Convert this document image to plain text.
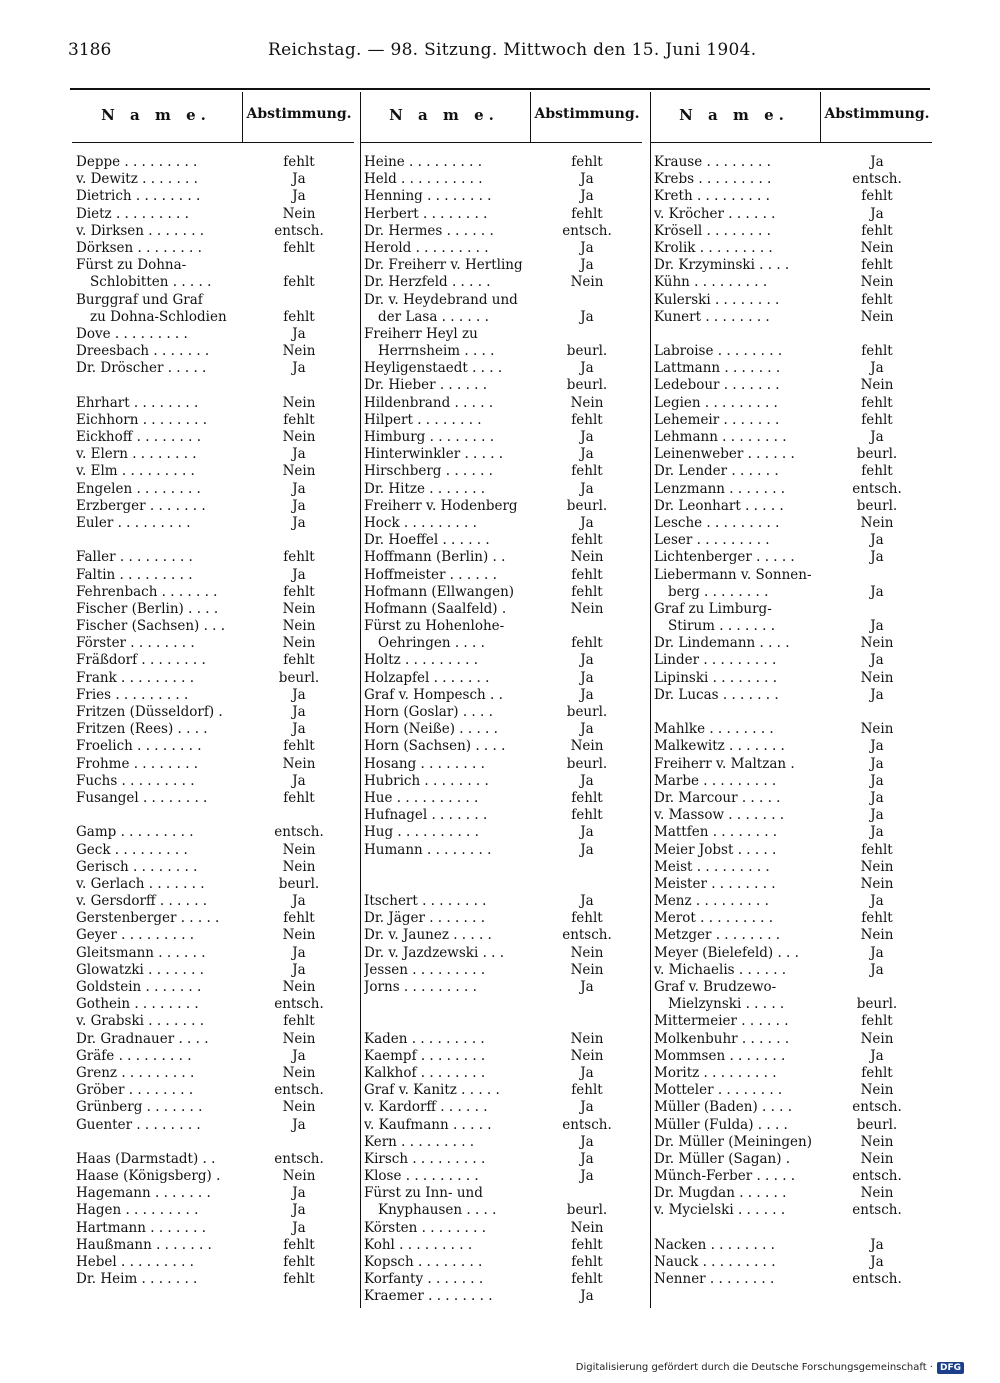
3186	Reichstag. — 98. Sitzung. Mittwoch den 15. Juni 1904.
N a m e.	Abstimmung.
Deppe . . . . . . . . .	fehlt
v. Dewitz . . . . . . .	Ja
Dietrich . . . . . . . .	Ja
Dietz . . . . . . . . .	Nein
v. Dirksen . . . . . . .	entsch.
Dörksen . . . . . . . .	fehlt
Fürst zu Dohna-
Schlobitten . . . . .	fehlt
Burggraf und Graf
zu Dohna-Schlodien	fehlt
Dove . . . . . . . . .	Ja
Dreesbach . . . . . . .	Nein
Dr. Dröscher . . . . .	Ja
Ehrhart . . . . . . . .	Nein
Eichhorn . . . . . . . .	fehlt
Eickhoff . . . . . . . .	Nein
v. Elern . . . . . . . .	Ja
v. Elm . . . . . . . . .	Nein
Engelen . . . . . . . .	Ja
Erzberger . . . . . . .	Ja
Euler . . . . . . . . .	Ja
Faller . . . . . . . . .	fehlt
Faltin . . . . . . . . .	Ja
Fehrenbach . . . . . . .	fehlt
Fischer (Berlin) . . . .	Nein
Fischer (Sachsen) . . .	Nein
Förster . . . . . . . .	Nein
Fräßdorf . . . . . . . .	fehlt
Frank . . . . . . . . .	beurl.
Fries . . . . . . . . .	Ja
Fritzen (Düsseldorf) .	Ja
Fritzen (Rees) . . . .	Ja
Froelich . . . . . . . .	fehlt
Frohme . . . . . . . .	Nein
Fuchs . . . . . . . . .	Ja
Fusangel . . . . . . . .	fehlt
Gamp . . . . . . . . .	entsch.
Geck . . . . . . . . .	Nein
Gerisch . . . . . . . .	Nein
v. Gerlach . . . . . . .	beurl.
v. Gersdorff . . . . . .	Ja
Gerstenberger . . . . .	fehlt
Geyer . . . . . . . . .	Nein
Gleitsmann . . . . . .	Ja
Glowatzki . . . . . . .	Ja
Goldstein . . . . . . .	Nein
Gothein . . . . . . . .	entsch.
v. Grabski . . . . . . .	fehlt
Dr. Gradnauer . . . .	Nein
Gräfe . . . . . . . . .	Ja
Grenz . . . . . . . . .	Nein
Gröber . . . . . . . .	entsch.
Grünberg . . . . . . .	Nein
Guenter . . . . . . . .	Ja
Haas (Darmstadt) . .	entsch.
Haase (Königsberg) .	Nein
Hagemann . . . . . . .	Ja
Hagen . . . . . . . . .	Ja
Hartmann . . . . . . .	Ja
Haußmann . . . . . . .	fehlt
Hebel . . . . . . . . .	fehlt
Dr. Heim . . . . . . .	fehlt
N a m e.	Abstimmung.
Heine . . . . . . . . .	fehlt
Held . . . . . . . . . .	Ja
Henning . . . . . . . .	Ja
Herbert . . . . . . . .	fehlt
Dr. Hermes . . . . . .	entsch.
Herold . . . . . . . . .	Ja
Dr. Freiherr v. Hertling	Ja
Dr. Herzfeld . . . . .	Nein
Dr. v. Heydebrand und
der Lasa . . . . . .	Ja
Freiherr Heyl zu
Herrnsheim . . . .	beurl.
Heyligenstaedt . . . .	Ja
Dr. Hieber . . . . . .	beurl.
Hildenbrand . . . . .	Nein
Hilpert . . . . . . . .	fehlt
Himburg . . . . . . . .	Ja
Hinterwinkler . . . . .	Ja
Hirschberg . . . . . .	fehlt
Dr. Hitze . . . . . . .	Ja
Freiherr v. Hodenberg	beurl.
Hock . . . . . . . . .	Ja
Dr. Hoeffel . . . . . .	fehlt
Hoffmann (Berlin) . .	Nein
Hoffmeister . . . . . .	fehlt
Hofmann (Ellwangen)	fehlt
Hofmann (Saalfeld) .	Nein
Fürst zu Hohenlohe-
Oehringen . . . .	fehlt
Holtz . . . . . . . . .	Ja
Holzapfel . . . . . . .	Ja
Graf v. Hompesch . .	Ja
Horn (Goslar) . . . .	beurl.
Horn (Neiße) . . . . .	Ja
Horn (Sachsen) . . . .	Nein
Hosang . . . . . . . .	beurl.
Hubrich . . . . . . . .	Ja
Hue . . . . . . . . . .	fehlt
Hufnagel . . . . . . .	fehlt
Hug . . . . . . . . . .	Ja
Humann . . . . . . . .	Ja
Itschert . . . . . . . .	Ja
Dr. Jäger . . . . . . .	fehlt
Dr. v. Jaunez . . . . .	entsch.
Dr. v. Jazdzewski . . .	Nein
Jessen . . . . . . . . .	Nein
Jorns . . . . . . . . .	Ja
Kaden . . . . . . . . .	Nein
Kaempf . . . . . . . .	Nein
Kalkhof . . . . . . . .	Ja
Graf v. Kanitz . . . . .	fehlt
v. Kardorff . . . . . .	Ja
v. Kaufmann . . . . .	entsch.
Kern . . . . . . . . .	Ja
Kirsch . . . . . . . . .	Ja
Klose . . . . . . . . .	Ja
Fürst zu Inn- und
Knyphausen . . . .	beurl.
Körsten . . . . . . . .	Nein
Kohl . . . . . . . . .	fehlt
Kopsch . . . . . . . .	fehlt
Korfanty . . . . . . .	fehlt
Kraemer . . . . . . . .	Ja
N a m e.	Abstimmung.
Krause . . . . . . . .	Ja
Krebs . . . . . . . . .	entsch.
Kreth . . . . . . . . .	fehlt
v. Kröcher . . . . . .	Ja
Krösell . . . . . . . .	fehlt
Krolik . . . . . . . . .	Nein
Dr. Krzyminski . . . .	fehlt
Kühn . . . . . . . . .	Nein
Kulerski . . . . . . . .	fehlt
Kunert . . . . . . . .	Nein
Labroise . . . . . . . .	fehlt
Lattmann . . . . . . .	Ja
Ledebour . . . . . . .	Nein
Legien . . . . . . . . .	fehlt
Lehemeir . . . . . . .	fehlt
Lehmann . . . . . . . .	Ja
Leinenweber . . . . . .	beurl.
Dr. Lender . . . . . .	fehlt
Lenzmann . . . . . . .	entsch.
Dr. Leonhart . . . . .	beurl.
Lesche . . . . . . . . .	Nein
Leser . . . . . . . . .	Ja
Lichtenberger . . . . .	Ja
Liebermann v. Sonnen-
berg . . . . . . . .	Ja
Graf zu Limburg-
Stirum . . . . . . .	Ja
Dr. Lindemann . . . .	Nein
Linder . . . . . . . . .	Ja
Lipinski . . . . . . . .	Nein
Dr. Lucas . . . . . . .	Ja
Mahlke . . . . . . . .	Nein
Malkewitz . . . . . . .	Ja
Freiherr v. Maltzan .	Ja
Marbe . . . . . . . . .	Ja
Dr. Marcour . . . . .	Ja
v. Massow . . . . . . .	Ja
Mattfen . . . . . . . .	Ja
Meier Jobst . . . . .	fehlt
Meist . . . . . . . . .	Nein
Meister . . . . . . . .	Nein
Menz . . . . . . . . .	Ja
Merot . . . . . . . . .	fehlt
Metzger . . . . . . . .	Nein
Meyer (Bielefeld) . . .	Ja
v. Michaelis . . . . . .	Ja
Graf v. Brudzewo-
Mielzynski . . . . .	beurl.
Mittermeier . . . . . .	fehlt
Molkenbuhr . . . . . .	Nein
Mommsen . . . . . . .	Ja
Moritz . . . . . . . . .	fehlt
Motteler . . . . . . . .	Nein
Müller (Baden) . . . .	entsch.
Müller (Fulda) . . . .	beurl.
Dr. Müller (Meiningen)	Nein
Dr. Müller (Sagan) .	Nein
Münch-Ferber . . . . .	entsch.
Dr. Mugdan . . . . . .	Nein
v. Mycielski . . . . . .	entsch.
Nacken . . . . . . . .	Ja
Nauck . . . . . . . . .	Ja
Nenner . . . . . . . .	entsch.
Digitalisierung gefördert durch die Deutsche Forschungsgemeinschaft · DFG
